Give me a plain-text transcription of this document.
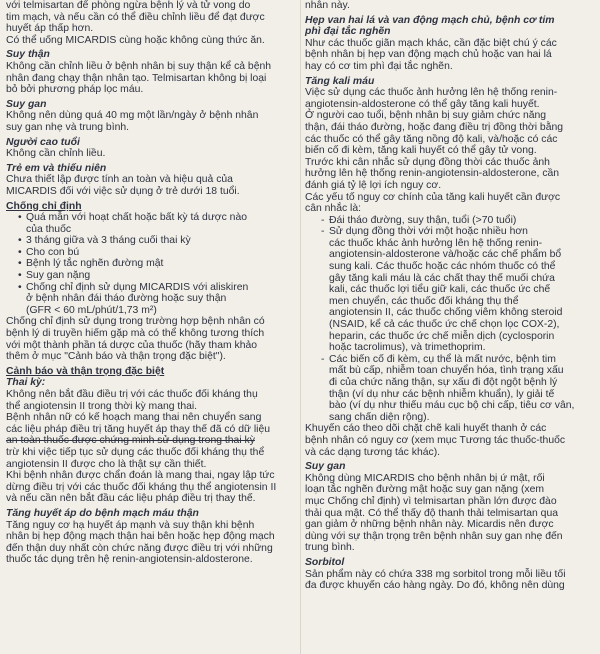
với telmisartan để phòng ngừa bệnh lý và tử vong do

tim mạch, và nếu cần có thể điều chỉnh liều để đạt được

huyết áp thấp hơn.

Có thể uống MICARDIS cùng hoặc không cùng thức ăn.

Suy thận

Không cần chỉnh liều ở bệnh nhân bị suy thận kể cả bệnh

nhân đang chạy thận nhân tạo. Telmisartan không bị loại

bỏ bởi phương pháp lọc máu.

Suy gan

Không nên dùng quá 40 mg một lần/ngày ở bệnh nhân

suy gan nhẹ và trung bình.

Người cao tuổi

Không cần chỉnh liều.

Trẻ em và thiếu niên

Chưa thiết lập được tính an toàn và hiệu quả của

MICARDIS đối với việc sử dụng ở trẻ dưới 18 tuổi.

Chống chỉ định

• Quá mẫn với hoạt chất hoặc bất kỳ tá dược nào

của thuốc

• 3 tháng giữa và 3 tháng cuối thai kỳ

• Cho con bú

• Bệnh lý tắc nghẽn đường mật

• Suy gan nặng

• Chống chỉ định sử dụng MICARDIS với aliskiren

ở bệnh nhân đái tháo đường hoặc suy thận

(GFR < 60 mL/phút/1,73 m²)

Chống chỉ định sử dụng trong trường hợp bệnh nhân có

bệnh lý di truyền hiếm gặp mà có thể không tương thích

với một thành phần tá dược của thuốc (hãy tham khảo

thêm ở mục "Cảnh báo và thận trọng đặc biệt").

Cảnh báo và thận trọng đặc biệt

Thai kỳ:

Không nên bắt đầu điều trị với các thuốc đối kháng thụ

thể angiotensin II trong thời kỳ mang thai.

Bệnh nhân nữ có kế hoạch mang thai nên chuyển sang

các liệu pháp điều trị tăng huyết áp thay thế đã có dữ liệu

an toàn thuốc được chứng minh sử dụng trong thai kỳ

trừ khi việc tiếp tục sử dụng các thuốc đối kháng thụ thể

angiotensin II được cho là thật sự cần thiết.

Khi bệnh nhân được chẩn đoán là mang thai, ngay lập tức

dừng điều trị với các thuốc đối kháng thụ thể angiotensin II

và nếu cần nên bắt đầu các liệu pháp điều trị thay thế.

Tăng huyết áp do bệnh mạch máu thận

Tăng nguy cơ hạ huyết áp mạnh và suy thận khi bệnh

nhân bị hẹp động mạch thận hai bên hoặc hẹp động mạch

đến thận duy nhất còn chức năng được điều trị với những

thuốc tác dụng trên hệ renin-angiotensin-aldosterone.

nhân này.

Hẹp van hai lá và van động mạch chủ, bệnh cơ tim

phì đại tắc nghẽn

Như các thuốc giãn mạch khác, cần đặc biệt chú ý các

bệnh nhân bị hẹp van động mạch chủ hoặc van hai lá

hay có cơ tim phì đại tắc nghẽn.

Tăng kali máu

Việc sử dụng các thuốc ảnh hưởng lên hệ thống renin-

angiotensin-aldosterone có thể gây tăng kali huyết.

Ở người cao tuổi, bệnh nhân bị suy giảm chức năng

thận, đái tháo đường, hoặc đang điều trị đồng thời bằng

các thuốc có thể gây tăng nồng độ kali, và/hoặc có các

biến cố đi kèm, tăng kali huyết có thể gây tử vong.

Trước khi cân nhắc sử dụng đồng thời các thuốc ảnh

hưởng lên hệ thống renin-angiotensin-aldosterone, cần

đánh giá tỷ lệ lợi ích nguy cơ.

Các yếu tố nguy cơ chính của tăng kali huyết cần được

cân nhắc là:

- Đái tháo đường, suy thận, tuổi (>70 tuổi)

- Sử dụng đồng thời với một hoặc nhiều hơn

các thuốc khác ảnh hưởng lên hệ thống renin-

angiotensin-aldosterone và/hoặc các chế phẩm bổ

sung kali. Các thuốc hoặc các nhóm thuốc có thể

gây tăng kali máu là các chất thay thế muối chứa

kali, các thuốc lợi tiểu giữ kali, các thuốc ức chế

men chuyển, các thuốc đối kháng thụ thể

angiotensin II, các thuốc chống viêm không steroid

(NSAID, kể cả các thuốc ức chế chọn lọc COX-2),

heparin, các thuốc ức chế miễn dịch (cyclosporin

hoặc tacrolimus), và trimethoprim.

- Các biến cố đi kèm, cụ thể là mất nước, bệnh tim

mất bù cấp, nhiễm toan chuyển hóa, tình trạng xấu

đi của chức năng thận, sự xấu đi đột ngột bệnh lý

thận (ví dụ như các bệnh nhiễm khuẩn), ly giải tế

bào (ví dụ như thiếu máu cục bộ chi cấp, tiêu cơ vân,

sang chấn diện rộng).

Khuyến cáo theo dõi chặt chẽ kali huyết thanh ở các

bệnh nhân có nguy cơ (xem mục Tương tác thuốc-thuốc

và các dạng tương tác khác).

Suy gan

Không dùng MICARDIS cho bệnh nhân bị ứ mật, rối

loạn tắc nghẽn đường mật hoặc suy gan nặng (xem

mục Chống chỉ định) vì telmisartan phần lớn được đào

thải qua mật. Có thể thấy độ thanh thải telmisartan qua

gan giảm ở những bệnh nhân này. Micardis nên được

dùng với sự thận trọng trên bệnh nhân suy gan nhẹ đến

trung bình.

Sorbitol

Sản phẩm này có chứa 338 mg sorbitol trong mỗi liều tối

đa được khuyến cáo hàng ngày. Do đó, không nên dùng
